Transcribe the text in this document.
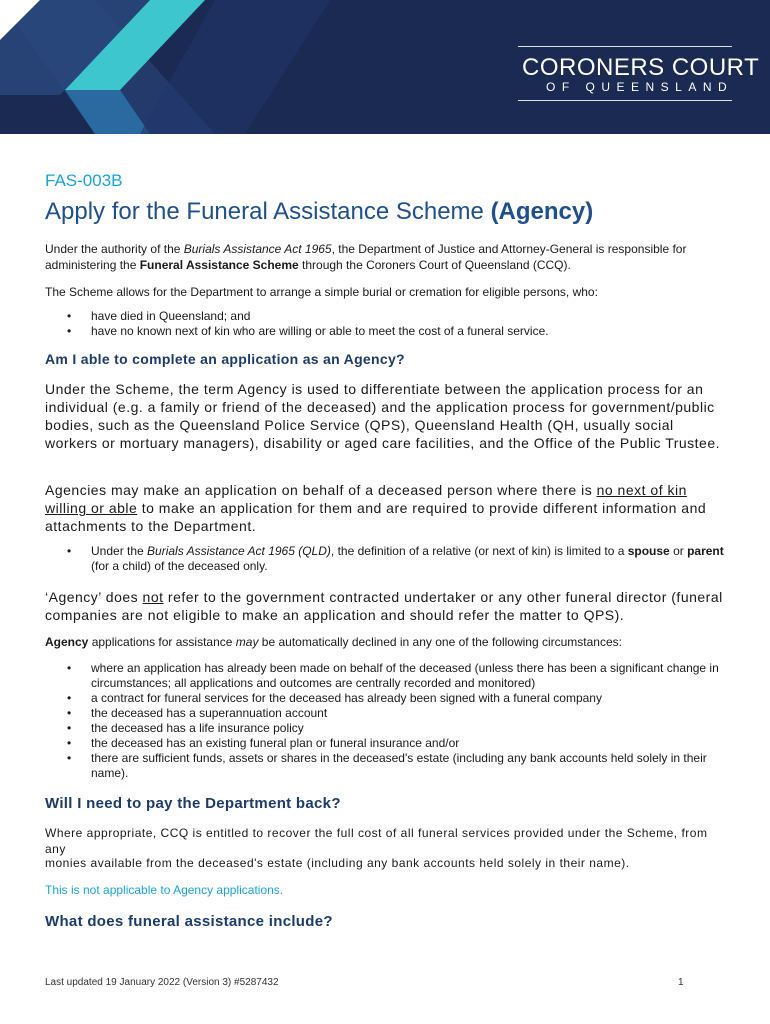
CORONERS COURT
OF QUEENSLAND
FAS-003B
Apply for the Funeral Assistance Scheme (Agency)
Under the authority of the Burials Assistance Act 1965, the Department of Justice and Attorney-General is responsible for administering the Funeral Assistance Scheme through the Coroners Court of Queensland (CCQ).
The Scheme allows for the Department to arrange a simple burial or cremation for eligible persons, who:
• have died in Queensland; and
• have no known next of kin who are willing or able to meet the cost of a funeral service.
Am I able to complete an application as an Agency?
Under the Scheme, the term Agency is used to differentiate between the application process for an individual (e.g. a family or friend of the deceased) and the application process for government/public bodies, such as the Queensland Police Service (QPS), Queensland Health (QH, usually social workers or mortuary managers), disability or aged care facilities, and the Office of the Public Trustee.
Agencies may make an application on behalf of a deceased person where there is no next of kin willing or able to make an application for them and are required to provide different information and attachments to the Department.
• Under the Burials Assistance Act 1965 (QLD), the definition of a relative (or next of kin) is limited to a spouse or parent (for a child) of the deceased only.
‘Agency’ does not refer to the government contracted undertaker or any other funeral director (funeral companies are not eligible to make an application and should refer the matter to QPS).
Agency applications for assistance may be automatically declined in any one of the following circumstances:
• where an application has already been made on behalf of the deceased (unless there has been a significant change in circumstances; all applications and outcomes are centrally recorded and monitored)
• a contract for funeral services for the deceased has already been signed with a funeral company
• the deceased has a superannuation account
• the deceased has a life insurance policy
• the deceased has an existing funeral plan or funeral insurance and/or
• there are sufficient funds, assets or shares in the deceased's estate (including any bank accounts held solely in their name).
Will I need to pay the Department back?
Where appropriate, CCQ is entitled to recover the full cost of all funeral services provided under the Scheme, from any
monies available from the deceased's estate (including any bank accounts held solely in their name).
This is not applicable to Agency applications.
What does funeral assistance include?
Last updated 19 January 2022 (Version 3) #5287432	1
